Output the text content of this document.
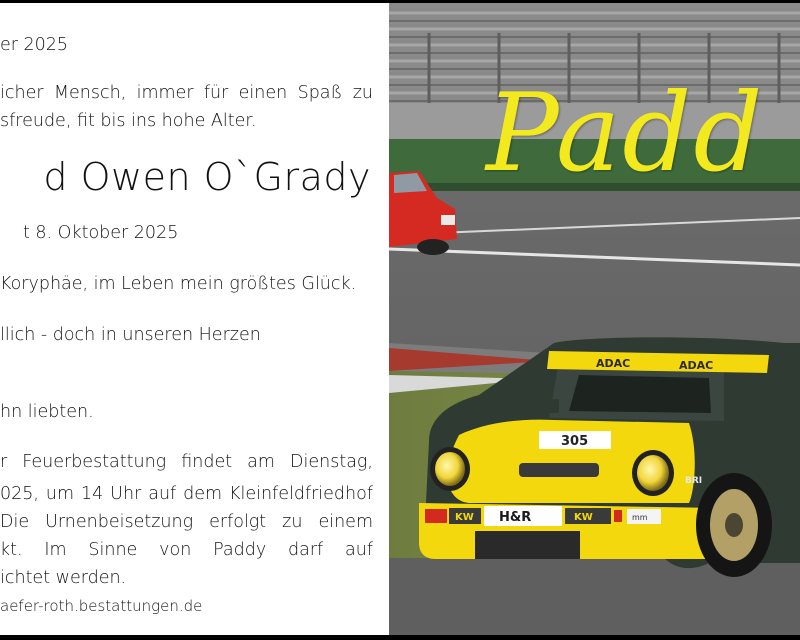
er 2025

icher Mensch, immer für einen Spaß zu

sfreude, fit bis ins hohe Alter.

d Owen O`Grady

t 8. Oktober 2025

Koryphäe, im Leben mein größtes Glück.

llich - doch in unseren Herzen

hn liebten.

r Feuerbestattung findet am Dienstag,

025, um 14 Uhr auf dem Kleinfeldfriedhof

Die Urnenbeisetzung erfolgt zu einem

kt. Im Sinne von Paddy darf auf

ichtet werden.

aefer-roth.bestattungen.de

ADAC	ADAC
305
H&R
KW	KW	mm
BRI
Padd
